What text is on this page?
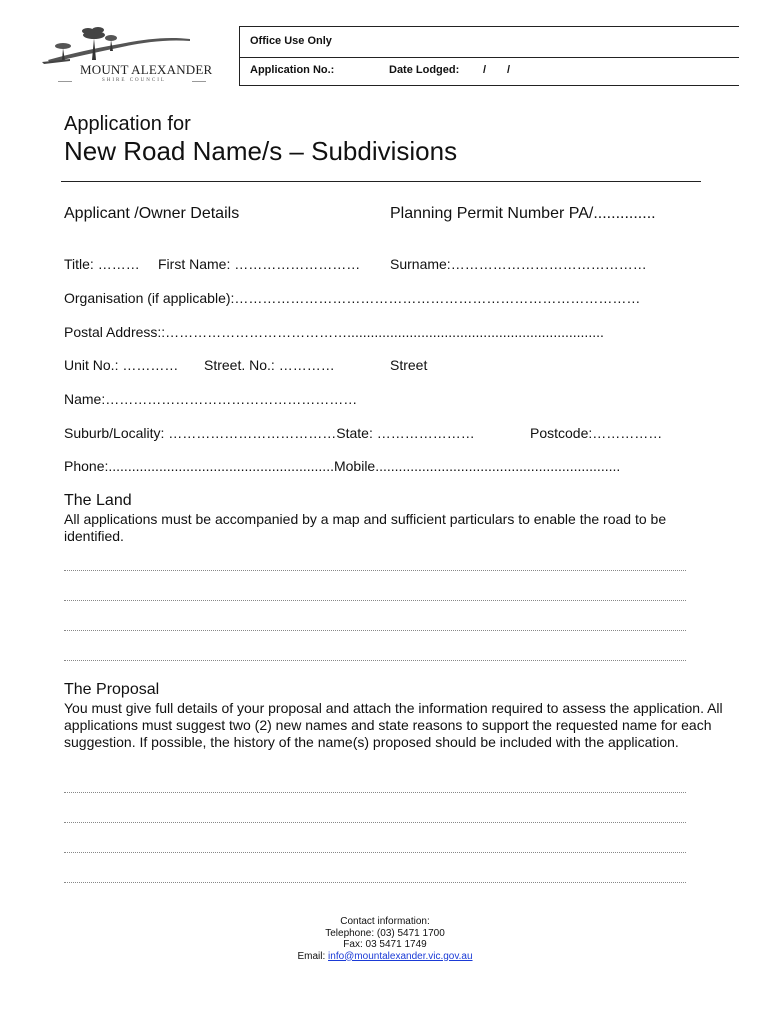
MOUNT ALEXANDER
SHIRE COUNCIL
Office Use Only
Application No.:	Date Lodged: / /
Application for
New Road Name/s – Subdivisions
Applicant /Owner Details	Planning Permit Number PA/..............
Title: ……… First Name: ……………………… Surname:……………………………………
Organisation (if applicable):……………………………………………………………………………
Postal Address::…………………………………..................................................................
Unit No.: ………… Street. No.: …………	Street
Name:………………………………………………
Suburb/Locality: ………………………………State: …………………	Postcode:……………
Phone:..........................................................Mobile...............................................................
The Land
All applications must be accompanied by a map and sufficient particulars to enable the road to be identified.
The Proposal
You must give full details of your proposal and attach the information required to assess the application. All applications must suggest two (2) new names and state reasons to support the requested name for each suggestion. If possible, the history of the name(s) proposed should be included with the application.
Contact information:
Telephone: (03) 5471 1700
Fax: 03 5471 1749
Email: info@mountalexander.vic.gov.au
